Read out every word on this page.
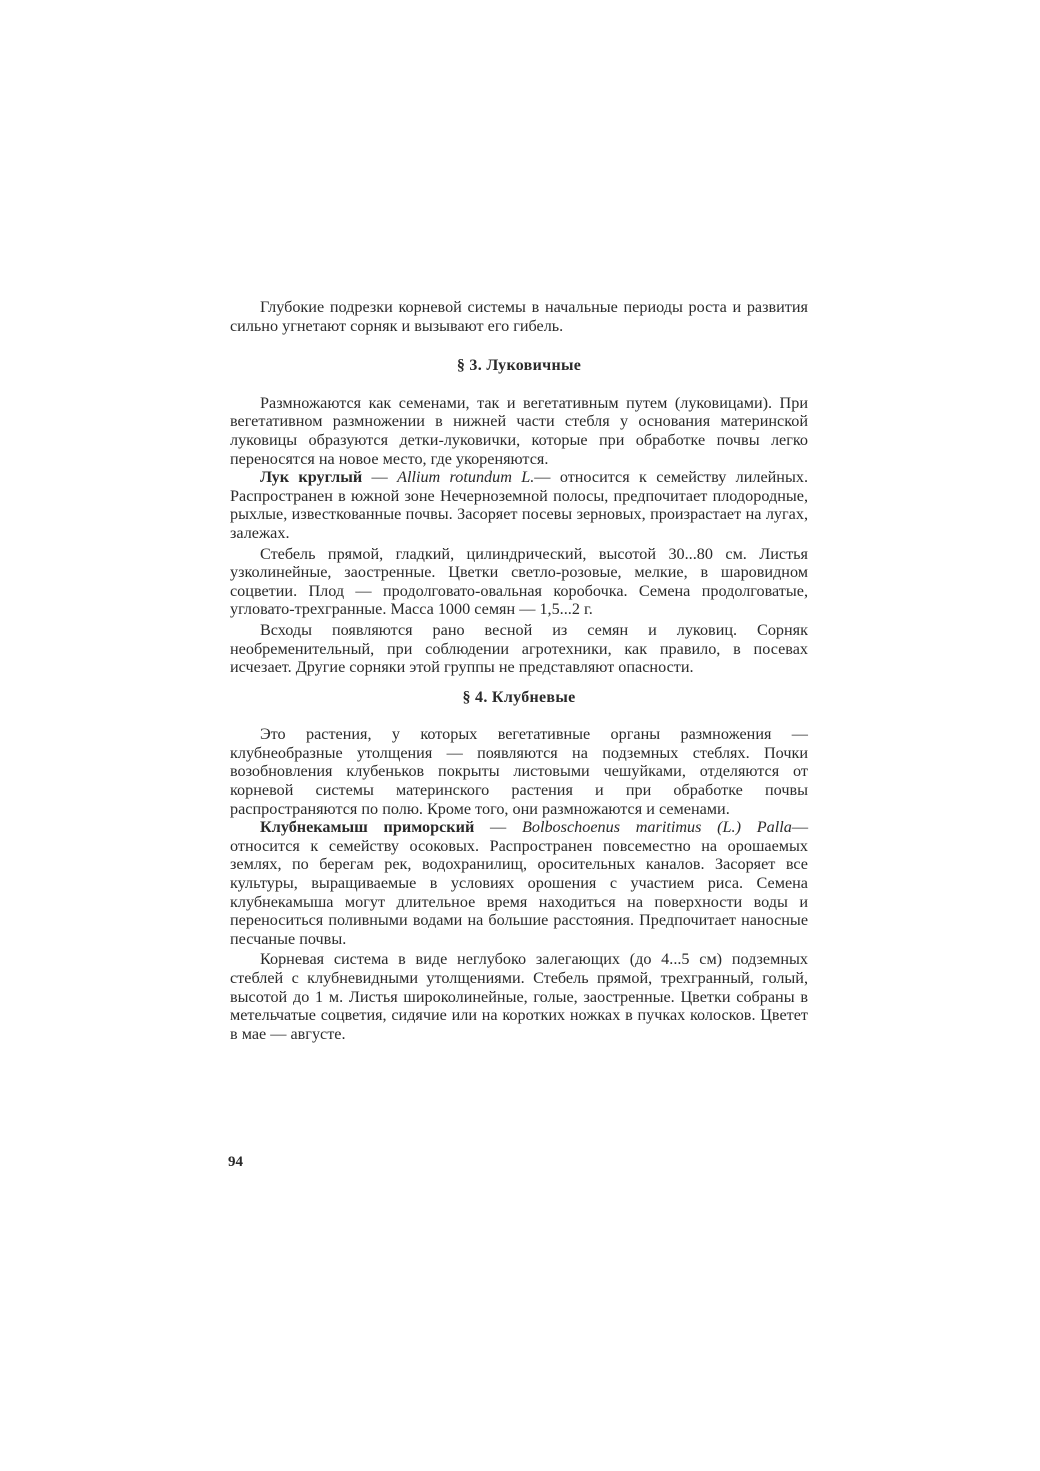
Глубокие подрезки корневой системы в начальные периоды роста и развития сильно угнетают сорняк и вызывают его гибель.

§ 3. Луковичные

Размножаются как семенами, так и вегетативным путем (луковицами). При вегетативном размножении в нижней части стебля у основания материнской луковицы образуются детки-луковички, которые при обработке почвы легко переносятся на новое место, где укореняются.

Лук круглый — Allium rotundum L.— относится к семейству лилейных. Распространен в южной зоне Нечерноземной полосы, предпочитает плодородные, рыхлые, известкованные почвы. Засоряет посевы зерновых, произрастает на лугах, залежах.

Стебель прямой, гладкий, цилиндрический, высотой 30...80 см. Листья узколинейные, заостренные. Цветки светло-розовые, мелкие, в шаровидном соцветии. Плод — продолговато-овальная коробочка. Семена продолговатые, угловато-трехгранные. Масса 1000 семян — 1,5...2 г.

Всходы появляются рано весной из семян и луковиц. Сорняк необременительный, при соблюдении агротехники, как правило, в посевах исчезает. Другие сорняки этой группы не представляют опасности.

§ 4. Клубневые

Это растения, у которых вегетативные органы размножения — клубнеобразные утолщения — появляются на подземных стеблях. Почки возобновления клубеньков покрыты листовыми чешуйками, отделяются от корневой системы материнского растения и при обработке почвы распространяются по полю. Кроме того, они размножаются и семенами.

Клубнекамыш приморский — Bolboschoenus maritimus (L.) Palla— относится к семейству осоковых. Распространен повсеместно на орошаемых землях, по берегам рек, водохранилищ, оросительных каналов. Засоряет все культуры, выращиваемые в условиях орошения с участием риса. Семена клубнекамыша могут длительное время находиться на поверхности воды и переноситься поливными водами на большие расстояния. Предпочитает наносные песчаные почвы.

Корневая система в виде неглубоко залегающих (до 4...5 см) подземных стеблей с клубневидными утолщениями. Стебель прямой, трехгранный, голый, высотой до 1 м. Листья широколинейные, голые, заостренные. Цветки собраны в метельчатые соцветия, сидячие или на коротких ножках в пучках колосков. Цветет в мае — августе.

94
